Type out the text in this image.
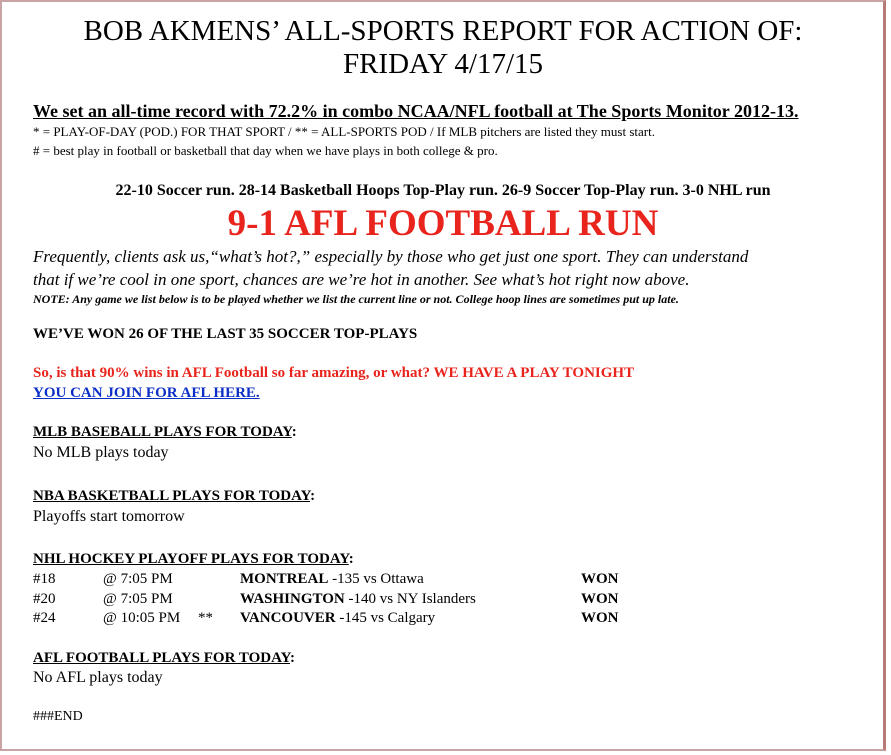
BOB AKMENS’ ALL-SPORTS REPORT FOR ACTION OF:
FRIDAY 4/17/15
We set an all-time record with 72.2% in combo NCAA/NFL football at The Sports Monitor 2012-13.
* = PLAY-OF-DAY (POD.) FOR THAT SPORT / ** = ALL-SPORTS POD / If MLB pitchers are listed they must start.
# = best play in football or basketball that day when we have plays in both college & pro.
22-10 Soccer run. 28-14 Basketball Hoops Top-Play run. 26-9 Soccer Top-Play run. 3-0 NHL run
9-1 AFL FOOTBALL RUN
Frequently, clients ask us,“what’s hot?,” especially by those who get just one sport. They can understand
that if we’re cool in one sport, chances are we’re hot in another. See what’s hot right now above.
NOTE: Any game we list below is to be played whether we list the current line or not. College hoop lines are sometimes put up late.
WE’VE WON 26 OF THE LAST 35 SOCCER TOP-PLAYS
So, is that 90% wins in AFL Football so far amazing, or what? WE HAVE A PLAY TONIGHT
YOU CAN JOIN FOR AFL HERE.
MLB BASEBALL PLAYS FOR TODAY:
No MLB plays today
NBA BASKETBALL PLAYS FOR TODAY:
Playoffs start tomorrow
NHL HOCKEY PLAYOFF PLAYS FOR TODAY:
#18	@ 7:05 PM	MONTREAL -135 vs Ottawa	WON
#20	@ 7:05 PM	WASHINGTON -140 vs NY Islanders	WON
#24	@ 10:05 PM ** VANCOUVER -145 vs Calgary	WON
AFL FOOTBALL PLAYS FOR TODAY:
No AFL plays today
###END
